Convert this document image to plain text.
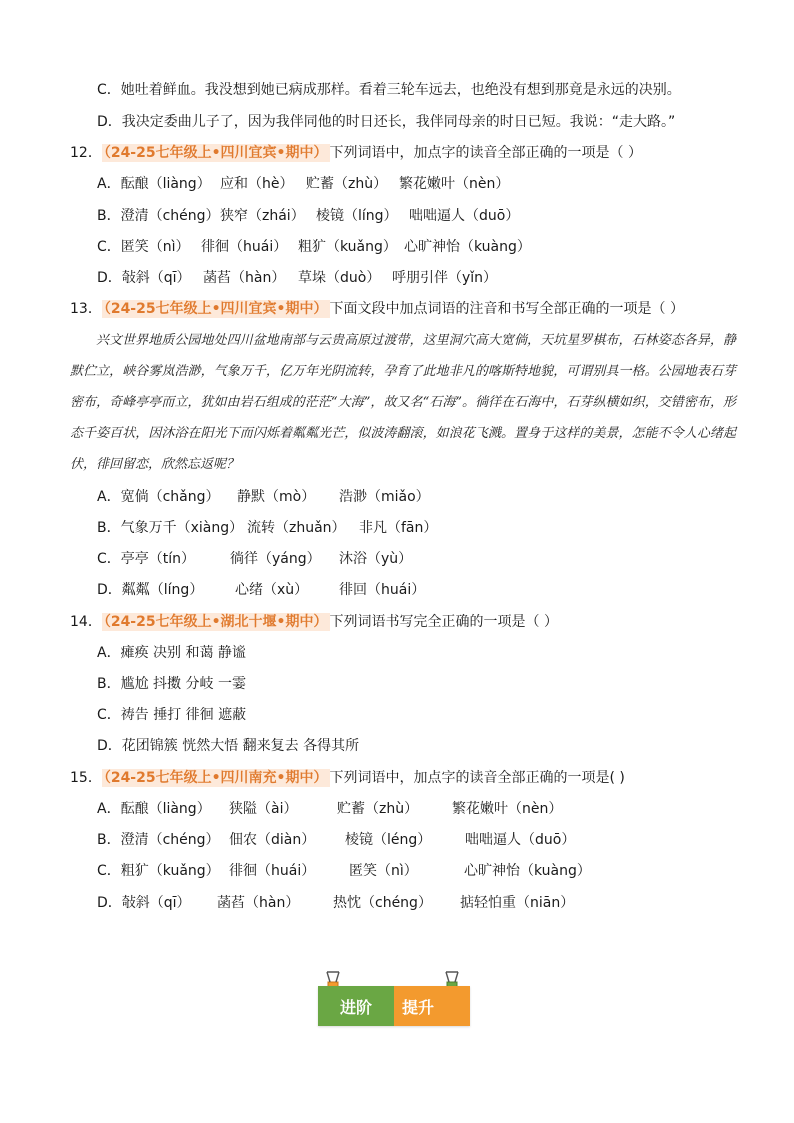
C．她吐着鲜血。我没想到她已病成那样。看着三轮车远去，也绝没有想到那竟是永远的决别。
D．我决定委曲儿子了，因为我伴同他的时日还长，我伴同母亲的时日已短。我说：“走大路。”
12． （24-25七年级上•四川宜宾•期中） 下列词语中，加点字的读音全部正确的一项是（ ）
A．酝酿（liàng） 应和（hè） 贮蓄（zhù） 繁花嫩叶（nèn）
B．澄清（chéng）狭窄（zhái） 棱镜（líng） 咄咄逼人（duō）
C．匿笑（nì） 徘徊（huái） 粗犷（kuǎng） 心旷神怡（kuàng）
D．敧斜（qī） 菡萏（hàn） 草垛（duò） 呼朋引伴（yǐn）
13． （24-25七年级上•四川宜宾•期中） 下面文段中加点词语的注音和书写全部正确的一项是（ ）

兴文世界地质公园地处四川盆地南部与云贵高原过渡带，这里洞穴高大宽倘，天坑星罗棋布，石林姿态各异，静默伫立，峡谷雾岚浩渺，气象万千，亿万年光阴流转，孕育了此地非凡的喀斯特地貌，可谓别具一格。公园地表石芽密布，奇峰亭亭而立，犹如由岩石组成的茫茫“大海”，故又名“石海”。徜徉在石海中，石芽纵横如织，交错密布，形态千姿百状，因沐浴在阳光下而闪烁着粼粼光芒，似波涛翻滚，如浪花飞溅。置身于这样的美景，怎能不令人心绪起伏，徘回留恋，欣然忘返呢？

A．宽倘（chǎng） 静默（mò） 浩渺（miǎo）
B．气象万千（xiàng） 流转（zhuǎn） 非凡（fān）
C．亭亭（tín） 徜徉（yáng） 沐浴（yù）
D．粼粼（líng） 心绪（xù） 徘回（huái）
14． （24-25七年级上•湖北十堰•期中） 下列词语书写完全正确的一项是（ ）
A．瘫痪 决别 和蔼 静谧
B．尴尬 抖擞 分岐 一霎
C．祷告 捶打 徘徊 遮蔽
D．花团锦簇 恍然大悟 翻来复去 各得其所
15． （24-25七年级上•四川南充•期中） 下列词语中，加点字的读音全部正确的一项是( )
A．酝酿（liàng） 狭隘（ài）	贮蓄（zhù） 繁花嫩叶（nèn）
B．澄清（chéng） 佃农（diàn） 棱镜（léng） 咄咄逼人（duō）
C．粗犷（kuǎng） 徘徊（huái） 匿笑（nì）	心旷神怡（kuàng）
D．敧斜（qī） 菡萏（hàn） 热忱（chéng） 掂轻怕重（niān）
进阶	提升
